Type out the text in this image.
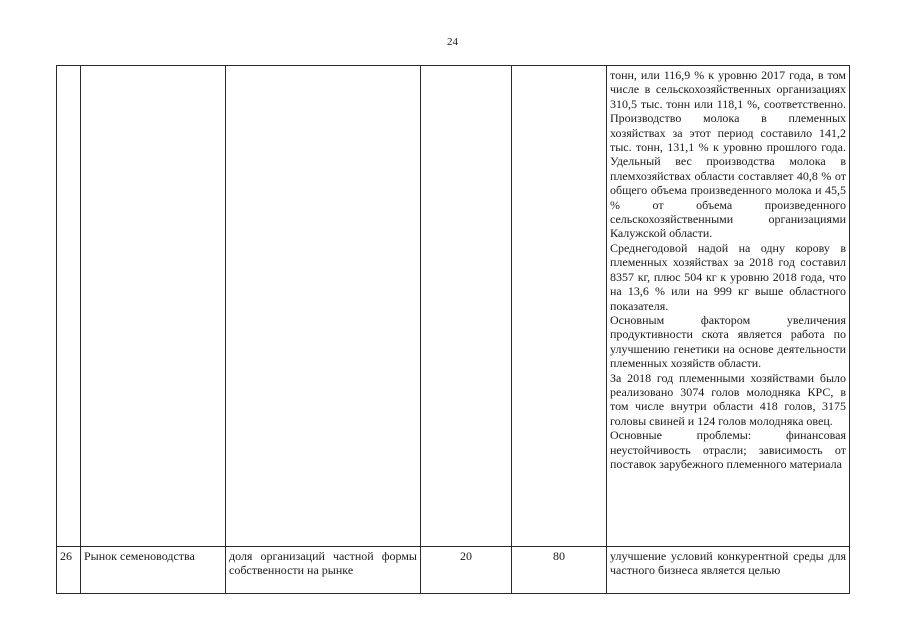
24

					тонн, или 116,9 % к уровню 2017 года, в том числе в сельскохозяйственных организациях 310,5 тыс. тонн или 118,1 %, соответственно. Производство молока в племенных хозяйствах за этот период составило 141,2 тыс. тонн, 131,1 % к уровню прошлого года. Удельный вес производства молока в племхозяйствах области составляет 40,8 % от общего объема произведенного молока и 45,5 % от объема произведенного сельскохозяйственными организациями Калужской области.

Среднегодовой надой на одну корову в племенных хозяйствах за 2018 год составил 8357 кг, плюс 504 кг к уровню 2018 года, что на 13,6 % или на 999 кг выше областного показателя.

Основным фактором увеличения продуктивности скота является работа по улучшению генетики на основе деятельности племенных хозяйств области.

За 2018 год племенными хозяйствами было реализовано 3074 голов молодняка КРС, в том числе внутри области 418 голов, 3175 головы свиней и 124 голов молодняка овец.

Основные проблемы: финансовая неустойчивость отрасли; зависимость от поставок зарубежного племенного материала

26	Рынок семеноводства	доля организаций частной формы собственности на рынке	20	80	улучшение условий конкурентной среды для частного бизнеса является целью
